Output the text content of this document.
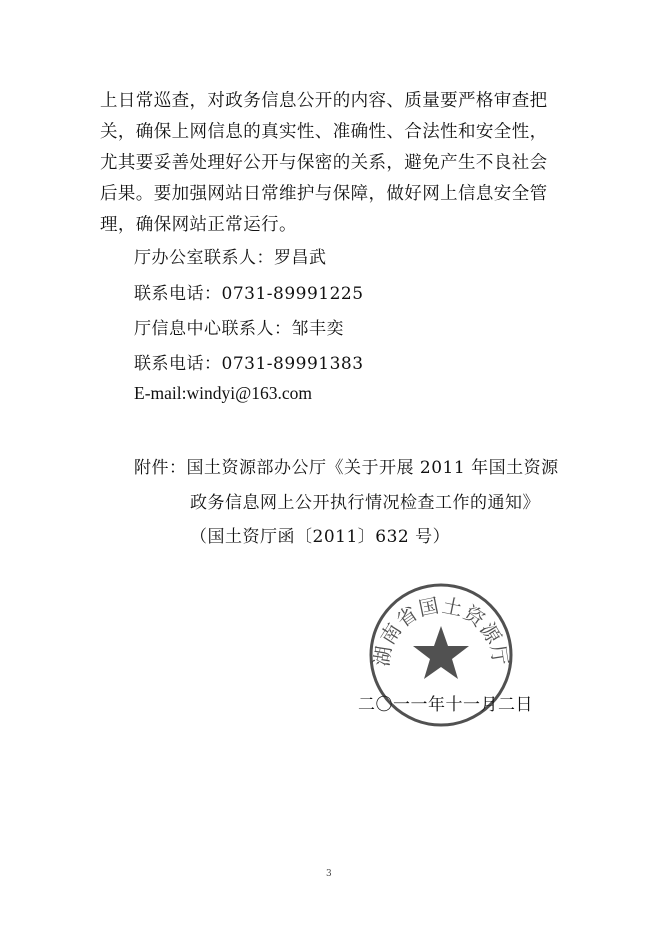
上日常巡查，对政务信息公开的内容、质量要严格审查把关，确保上网信息的真实性、准确性、合法性和安全性，尤其要妥善处理好公开与保密的关系，避免产生不良社会后果。要加强网站日常维护与保障，做好网上信息安全管理，确保网站正常运行。
厅办公室联系人：罗昌武
联系电话：0731-89991225
厅信息中心联系人：邹丰奕
联系电话：0731-89991383
E-mail:windyi@163.com
附件：国土资源部办公厅《关于开展 2011 年国土资源
政务信息网上公开执行情况检查工作的通知》
（国土资厅函〔2011〕632 号）
湖南省国土资源厅
二〇一一年十一月二日
3
